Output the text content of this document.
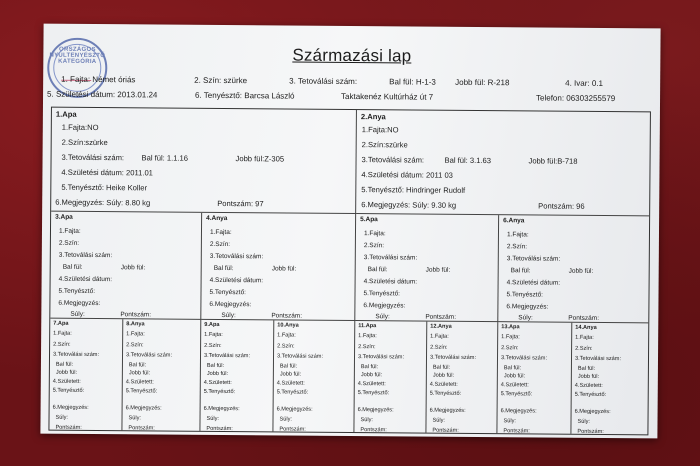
ORSZÁGOS NYÚLTENYÉSZTŐ KATEGÓRIA	Származási lap
1. Fajta: Német óriás	2. Szín: szürke	3. Tetoválási szám:	Bal fül: H-1-3 Jobb fül: R-218	4. Ivar: 0.1
5. Születési dátum: 2013.01.24	6. Tenyésztő: Barcsa László	Taktakenéz Kultúrház út 7	Telefon: 06303255579
1.Apa
1.Fajta:NO
2.Szín:szürke
3.Tetoválási szám: Bal fül: 1.1.16	Jobb fül:Z-305
4.Születési dátum: 2011.01
5.Tenyésztő: Heike Koller
6.Megjegyzés: Súly: 8.80 kg	Pontszám: 97
2.Anya
1.Fajta:NO
2.Szín:szürke
3.Tetoválási szám:	Bal fül: 3.1.63	Jobb fül:B-718
4.Születési dátum: 2011 03
5.Tenyésztő: Hindringer Rudolf
6.Megjegyzés: Súly: 9.30 kg	Pontszám: 96
3.Apa
1.Fajta:
2.Szín:
3.Tetoválási szám:
Bal fül:	Jobb fül:
4.Születési dátum:
5.Tenyésztő:
6.Megjegyzés:
Súly:	Pontszám:
4.Anya
1.Fajta:
2.Szín:
3.Tetoválási szám:
Bal fül:	Jobb fül:
4.Születési dátum:
5.Tenyésztő:
6.Megjegyzés:
Súly:	Pontszám:
5.Apa
1.Fajta:
2.Szín:
3.Tetoválási szám:
Bal fül:	Jobb fül:
4.Születési dátum:
5.Tenyésztő:
6.Megjegyzés:
Súly:	Pontszám:
6.Anya
1.Fajta:
2.Szín:
3.Tetoválási szám:
Bal fül:	Jobb fül:
4.Születési dátum:
5.Tenyésztő:
6.Megjegyzés:
Súly:	Pontszám:
7.Apa
1.Fajta:
2.Szín:
3.Tetoválási szám:
Bal fül:
Jobb fül:
4.Született:
5.Tenyésztő:
6.Megjegyzés:
Súly:
Pontszám:
8.Anya
1.Fajta:
2.Szín:
3.Tetoválási szám:
Bal fül:
Jobb fül:
4.Született:
5.Tenyésztő:
6.Megjegyzés:
Súly:
Pontszám:
9.Apa
1.Fajta:
2.Szín:
3.Tetoválási szám:
Bal fül:
Jobb fül:
4.Született:
5.Tenyésztő:
6.Megjegyzés:
Súly:
Pontszám:
10.Anya
1.Fajta:
2.Szín:
3.Tetoválási szám:
Bal fül:
Jobb fül:
4.Született:
5.Tenyésztő:
6.Megjegyzés:
Súly:
Pontszám:
11.Apa
1.Fajta:
2.Szín:
3.Tetoválási szám:
Bal fül:
Jobb fül:
4.Született:
5.Tenyésztő:
6.Megjegyzés:
Súly:
Pontszám:
12.Anya
1.Fajta:
2.Szín:
3.Tetoválási szám:
Bal fül:
Jobb fül:
4.Született:
5.Tenyésztő:
6.Megjegyzés:
Súly:
Pontszám:
13.Apa
1.Fajta:
2.Szín:
3.Tetoválási szám:
Bal fül:
Jobb fül:
4.Született:
5.Tenyésztő:
6.Megjegyzés:
Súly:
Pontszám:
14.Anya
1.Fajta:
2.Szín:
3.Tetoválási szám:
Bal fül:
Jobb fül:
4.Született:
5.Tenyésztő:
6.Megjegyzés:
Súly:
Pontszám:
